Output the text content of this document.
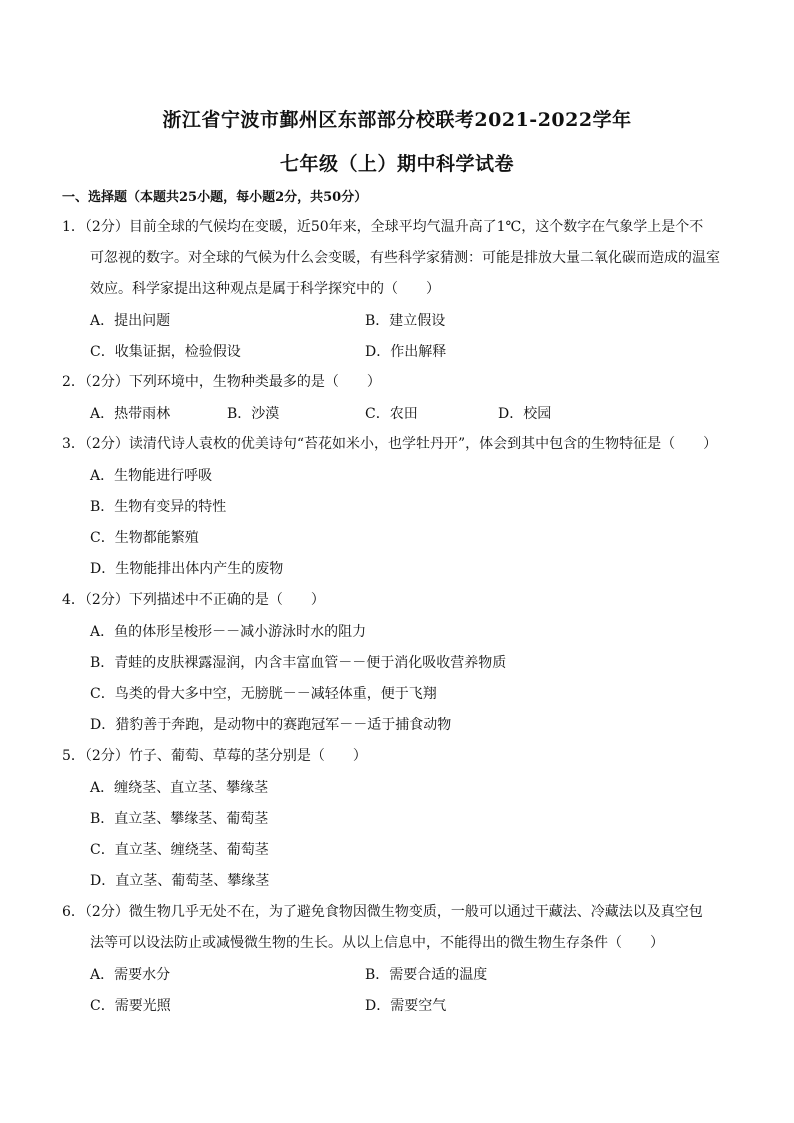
浙江省宁波市鄞州区东部部分校联考2021-2022学年
七年级（上）期中科学试卷
一、选择题（本题共25小题，每小题2分，共50分）
1．（2分）目前全球的气候均在变暖，近50年来，全球平均气温升高了1℃，这个数字在气象学上是个不
可忽视的数字。对全球的气候为什么会变暖，有些科学家猜测：可能是排放大量二氧化碳而造成的温室
效应。科学家提出这种观点是属于科学探究中的（　　）
A．提出问题	B．建立假设
C．收集证据，检验假设	D．作出解释
2．（2分）下列环境中，生物种类最多的是（　　）
A．热带雨林	B．沙漠	C．农田	D．校园
3．（2分）读清代诗人袁枚的优美诗句“苔花如米小，也学牡丹开”，体会到其中包含的生物特征是（　　）
A．生物能进行呼吸
B．生物有变异的特性
C．生物都能繁殖
D．生物能排出体内产生的废物
4．（2分）下列描述中不正确的是（　　）
A．鱼的体形呈梭形－－减小游泳时水的阻力
B．青蛙的皮肤裸露湿润，内含丰富血管－－便于消化吸收营养物质
C．鸟类的骨大多中空，无膀胱－－减轻体重，便于飞翔
D．猎豹善于奔跑，是动物中的赛跑冠军－－适于捕食动物
5．（2分）竹子、葡萄、草莓的茎分别是（　　）
A．缠绕茎、直立茎、攀缘茎
B．直立茎、攀缘茎、葡萄茎
C．直立茎、缠绕茎、葡萄茎
D．直立茎、葡萄茎、攀缘茎
6．（2分）微生物几乎无处不在，为了避免食物因微生物变质，一般可以通过干藏法、冷藏法以及真空包
法等可以设法防止或减慢微生物的生长。从以上信息中，不能得出的微生物生存条件（　　）
A．需要水分	B．需要合适的温度
C．需要光照	D．需要空气
